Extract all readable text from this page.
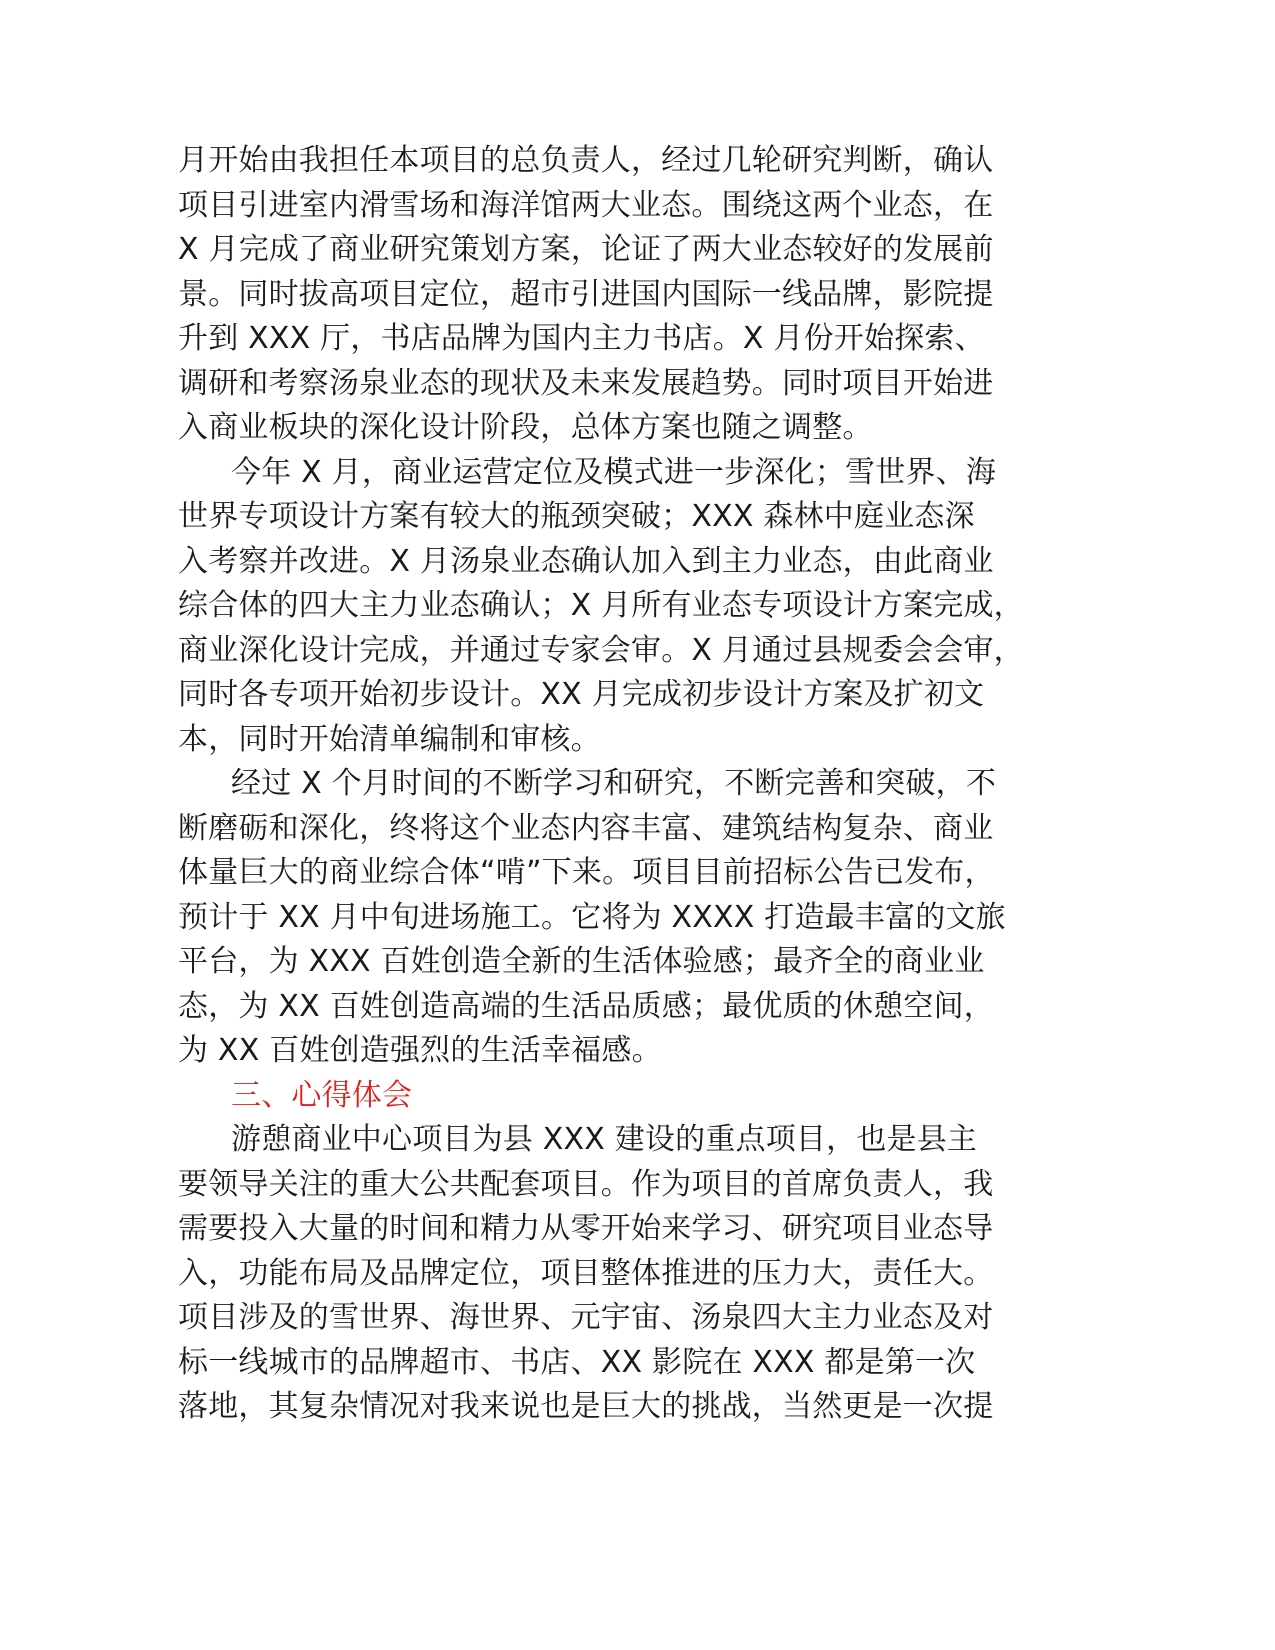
月开始由我担任本项目的总负责人，经过几轮研究判断，确认
项目引进室内滑雪场和海洋馆两大业态。围绕这两个业态，在
X 月完成了商业研究策划方案，论证了两大业态较好的发展前
景。同时拔高项目定位，超市引进国内国际一线品牌，影院提
升到 XXX 厅，书店品牌为国内主力书店。X 月份开始探索、
调研和考察汤泉业态的现状及未来发展趋势。同时项目开始进
入商业板块的深化设计阶段，总体方案也随之调整。
今年 X 月，商业运营定位及模式进一步深化；雪世界、海
世界专项设计方案有较大的瓶颈突破；XXX 森林中庭业态深
入考察并改进。X 月汤泉业态确认加入到主力业态，由此商业
综合体的四大主力业态确认；X 月所有业态专项设计方案完成，
商业深化设计完成，并通过专家会审。X 月通过县规委会会审，
同时各专项开始初步设计。XX 月完成初步设计方案及扩初文
本，同时开始清单编制和审核。
经过 X 个月时间的不断学习和研究，不断完善和突破，不
断磨砺和深化，终将这个业态内容丰富、建筑结构复杂、商业
体量巨大的商业综合体“啃”下来。项目目前招标公告已发布，
预计于 XX 月中旬进场施工。它将为 XXXX 打造最丰富的文旅
平台，为 XXX 百姓创造全新的生活体验感；最齐全的商业业
态，为 XX 百姓创造高端的生活品质感；最优质的休憩空间，
为 XX 百姓创造强烈的生活幸福感。
三、心得体会
游憩商业中心项目为县 XXX 建设的重点项目，也是县主
要领导关注的重大公共配套项目。作为项目的首席负责人，我
需要投入大量的时间和精力从零开始来学习、研究项目业态导
入，功能布局及品牌定位，项目整体推进的压力大，责任大。
项目涉及的雪世界、海世界、元宇宙、汤泉四大主力业态及对
标一线城市的品牌超市、书店、XX 影院在 XXX 都是第一次
落地，其复杂情况对我来说也是巨大的挑战，当然更是一次提
